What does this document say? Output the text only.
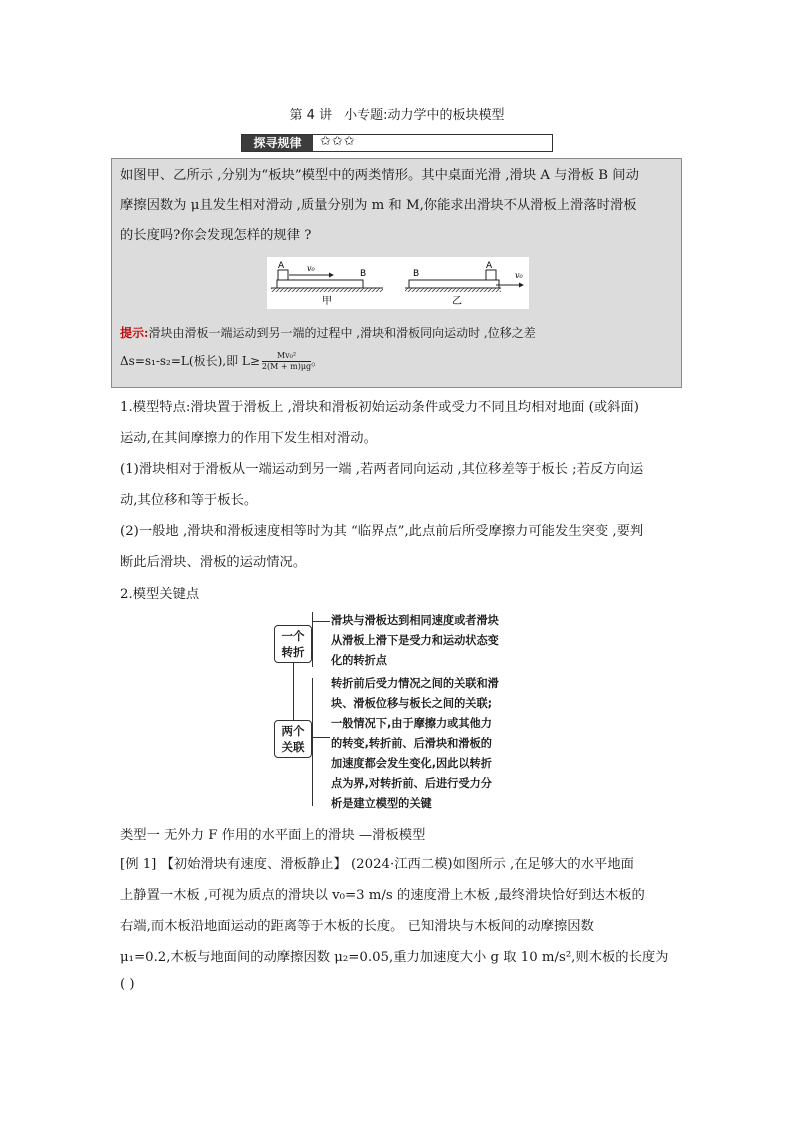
第 4 讲 小专题:动力学中的板块模型
探寻规律	✩✩✩
如图甲、乙所示 ,分别为“板块”模型中的两类情形。其中桌面光滑 ,滑块 A 与滑板 B 间动
摩擦因数为 μ且发生相对滑动 ,质量分别为 m 和 M,你能求出滑块不从滑板上滑落时滑板
的长度吗?你会发现怎样的规律 ?
A	v₀
B
甲
B
A
v₀
乙
提示:滑块由滑板一端运动到另一端的过程中 ,滑块和滑板同向运动时 ,位移之差
Δs=s₁-s₂=L(板长),即 $L\ge \frac{\text{Mv₀²}}{2(M + m)\mu g}$ 。
1.模型特点:滑块置于滑板上 ,滑块和滑板初始运动条件或受力不同且均相对地面 (或斜面)
运动,在其间摩擦力的作用下发生相对滑动。
(1)滑块相对于滑板从一端运动到另一端 ,若两者同向运动 ,其位移差等于板长 ;若反方向运
动,其位移和等于板长。
(2)一般地 ,滑块和滑板速度相等时为其 “临界点”,此点前后所受摩擦力可能发生突变 ,要判
断此后滑块、滑板的运动情况。
2.模型关键点
一个
转折
两个
关联
滑块与滑板达到相同速度或者滑块
从滑板上滑下是受力和运动状态变
化的转折点
转折前后受力情况之间的关联和滑
块、滑板位移与板长之间的关联;
一般情况下,由于摩擦力或其他力
的转变,转折前、后滑块和滑板的
加速度都会发生变化,因此以转折
点为界,对转折前、后进行受力分
析是建立模型的关键
类型一 无外力 F 作用的水平面上的滑块 —滑板模型
[例 1] 【初始滑块有速度、滑板静止】 (2024·江西二模)如图所示 ,在足够大的水平地面
上静置一木板 ,可视为质点的滑块以 v₀=3 m/s 的速度滑上木板 ,最终滑块恰好到达木板的
右端,而木板沿地面运动的距离等于木板的长度。 已知滑块与木板间的动摩擦因数
μ₁=0.2,木板与地面间的动摩擦因数 μ₂=0.05,重力加速度大小 g 取 10 m/s²,则木板的长度为
( )
